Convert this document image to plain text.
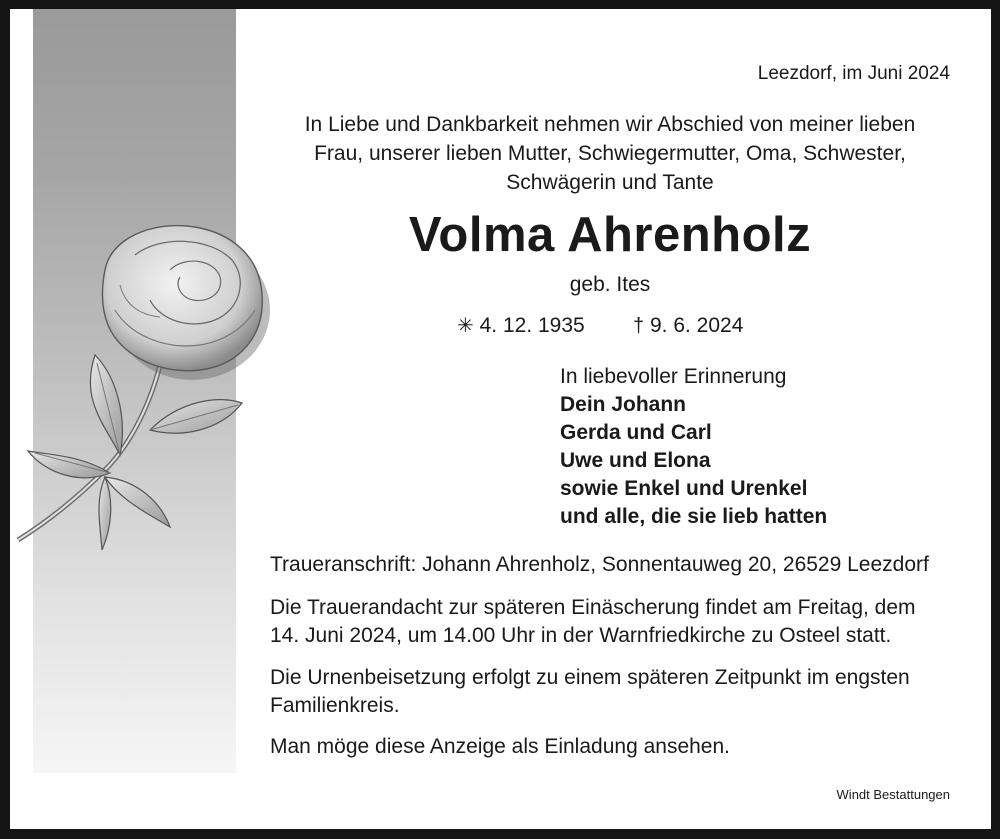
Leezdorf, im Juni 2024
In Liebe und Dankbarkeit nehmen wir Abschied von meiner lieben
Frau, unserer lieben Mutter, Schwiegermutter, Oma, Schwester,
Schwägerin und Tante
Volma Ahrenholz
geb. Ites
✳ 4. 12. 1935 † 9. 6. 2024
In liebevoller Erinnerung
Dein Johann
Gerda und Carl
Uwe und Elona
sowie Enkel und Urenkel
und alle, die sie lieb hatten
Traueranschrift: Johann Ahrenholz, Sonnentauweg 20, 26529 Leezdorf
Die Trauerandacht zur späteren Einäscherung findet am Freitag, dem
14. Juni 2024, um 14.00 Uhr in der Warnfriedkirche zu Osteel statt.
Die Urnenbeisetzung erfolgt zu einem späteren Zeitpunkt im engsten
Familienkreis.
Man möge diese Anzeige als Einladung ansehen.
Windt Bestattungen
